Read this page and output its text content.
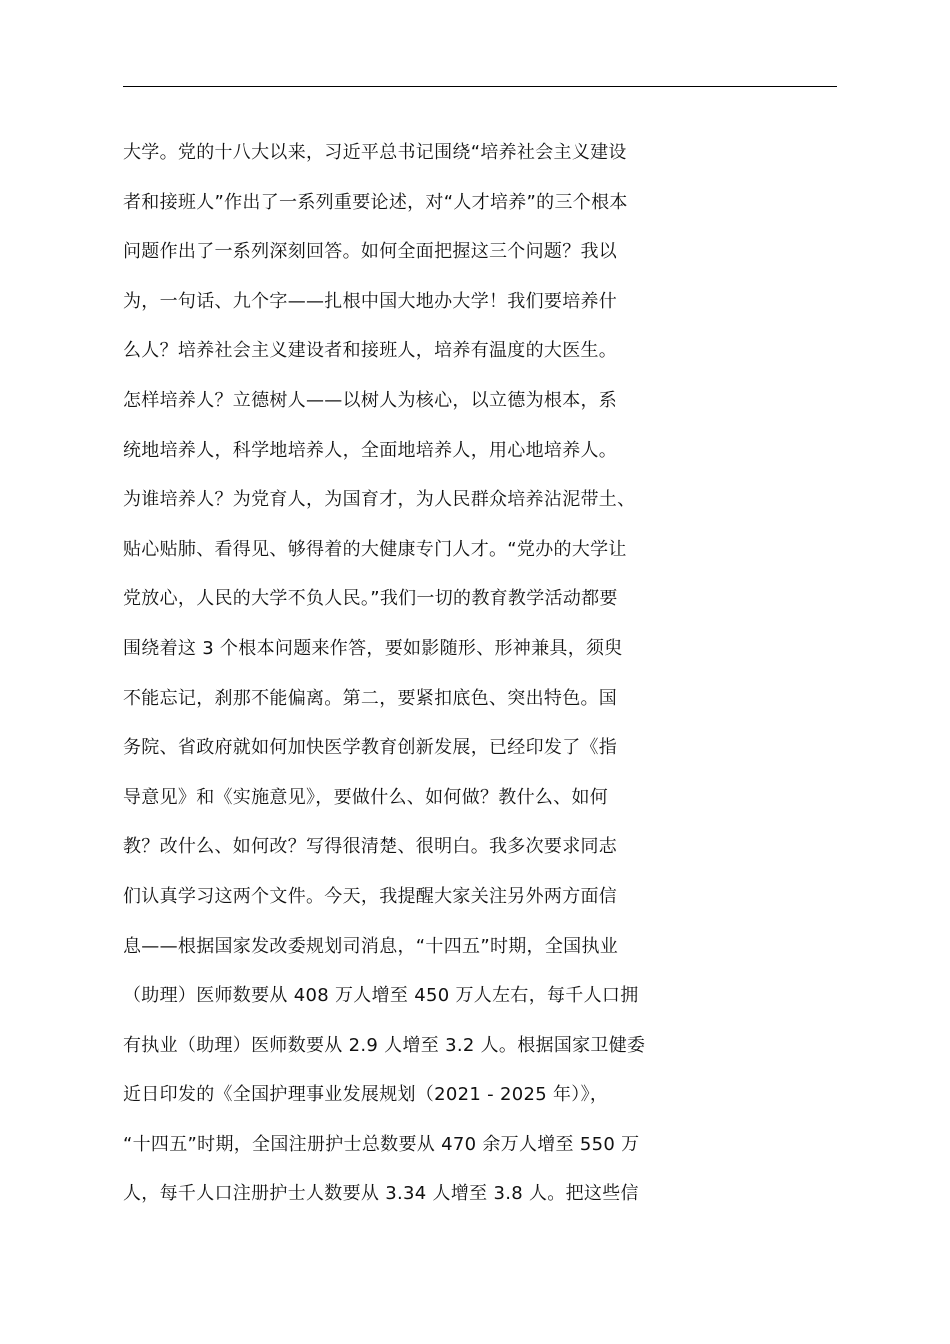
大学。党的十八大以来，习近平总书记围绕“培养社会主义建设
者和接班人”作出了一系列重要论述，对“人才培养”的三个根本
问题作出了一系列深刻回答。如何全面把握这三个问题？我以
为，一句话、九个字——扎根中国大地办大学！我们要培养什
么人？培养社会主义建设者和接班人，培养有温度的大医生。
怎样培养人？立德树人——以树人为核心，以立德为根本，系
统地培养人，科学地培养人，全面地培养人，用心地培养人。
为谁培养人？为党育人，为国育才，为人民群众培养沾泥带土、
贴心贴肺、看得见、够得着的大健康专门人才。“党办的大学让
党放心，人民的大学不负人民。”我们一切的教育教学活动都要
围绕着这 3 个根本问题来作答，要如影随形、形神兼具，须臾
不能忘记，刹那不能偏离。第二，要紧扣底色、突出特色。国
务院、省政府就如何加快医学教育创新发展，已经印发了《指
导意见》和《实施意见》，要做什么、如何做？教什么、如何
教？改什么、如何改？写得很清楚、很明白。我多次要求同志
们认真学习这两个文件。今天，我提醒大家关注另外两方面信
息——根据国家发改委规划司消息，“十四五”时期，全国执业
（助理）医师数要从 408 万人增至 450 万人左右，每千人口拥
有执业（助理）医师数要从 2.9 人增至 3.2 人。根据国家卫健委
近日印发的《全国护理事业发展规划（2021 - 2025 年）》，
“十四五”时期，全国注册护士总数要从 470 余万人增至 550 万
人，每千人口注册护士人数要从 3.34 人增至 3.8 人。把这些信
